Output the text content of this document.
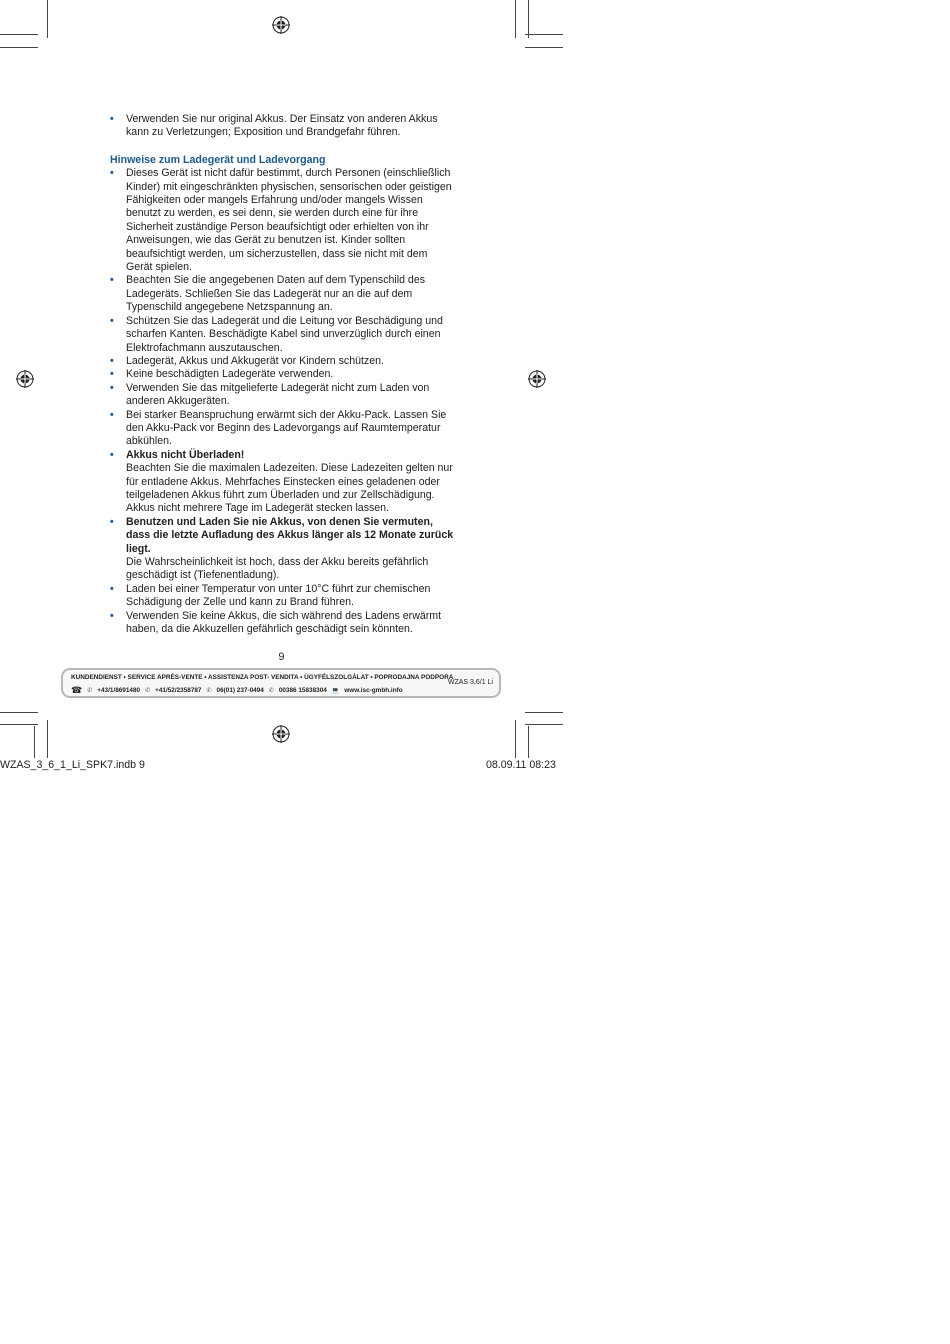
• Verwenden Sie nur original Akkus. Der Einsatz von anderen Akkus kann zu Verletzungen; Exposition und Brandgefahr führen.
Hinweise zum Ladegerät und Ladevorgang
• Dieses Gerät ist nicht dafür bestimmt, durch Personen (einschließlich Kinder) mit eingeschränkten physischen, sensorischen oder geistigen Fähigkeiten oder mangels Erfahrung und/oder mangels Wissen benutzt zu werden, es sei denn, sie werden durch eine für ihre Sicherheit zuständige Person beaufsichtigt oder erhielten von ihr Anweisungen, wie das Gerät zu benutzen ist. Kinder sollten beaufsichtigt werden, um sicherzustellen, dass sie nicht mit dem Gerät spielen.
• Beachten Sie die angegebenen Daten auf dem Typenschild des Ladegeräts. Schließen Sie das Ladegerät nur an die auf dem Typenschild angegebene Netzspannung an.
• Schützen Sie das Ladegerät und die Leitung vor Beschädigung und scharfen Kanten. Beschädigte Kabel sind unverzüglich durch einen Elektrofachmann auszutauschen.
• Ladegerät, Akkus und Akkugerät vor Kindern schützen.
• Keine beschädigten Ladegeräte verwenden.
• Verwenden Sie das mitgelieferte Ladegerät nicht zum Laden von anderen Akkugeräten.
• Bei starker Beanspruchung erwärmt sich der Akku-Pack. Lassen Sie den Akku-Pack vor Beginn des Ladevorgangs auf Raumtemperatur abkühlen.
• Akkus nicht Überladen!
Beachten Sie die maximalen Ladezeiten. Diese Ladezeiten gelten nur für entladene Akkus. Mehrfaches Einstecken eines geladenen oder teilgeladenen Akkus führt zum Überladen und zur Zellschädigung. Akkus nicht mehrere Tage im Ladegerät stecken lassen.
• Benutzen und Laden Sie nie Akkus, von denen Sie vermuten, dass die letzte Aufladung des Akkus länger als 12 Monate zurück liegt.
Die Wahrscheinlichkeit ist hoch, dass der Akku bereits gefährlich geschädigt ist (Tiefenentladung).
• Laden bei einer Temperatur von unter 10°C führt zur chemischen Schädigung der Zelle und kann zu Brand führen.
• Verwenden Sie keine Akkus, die sich während des Ladens erwärmt haben, da die Akkuzellen gefährlich geschädigt sein könnten.
9
KUNDENDIENST • SERVICE APRÈS-VENTE • ASSISTENZA POST- VENDITA • ÜGYFÉLSZOLGÁLAT • POPRODAJNA PODPORA
☎ ✆ +43/1/8691480 ✆ +41/52/2358787 ✆ 06(01) 237-0494 ✆ 00386 15838304 💻 www.isc-gmbh.info
WZAS 3,6/1 Li
WZAS_3_6_1_Li_SPK7.indb 9	08.09.11 08:23
